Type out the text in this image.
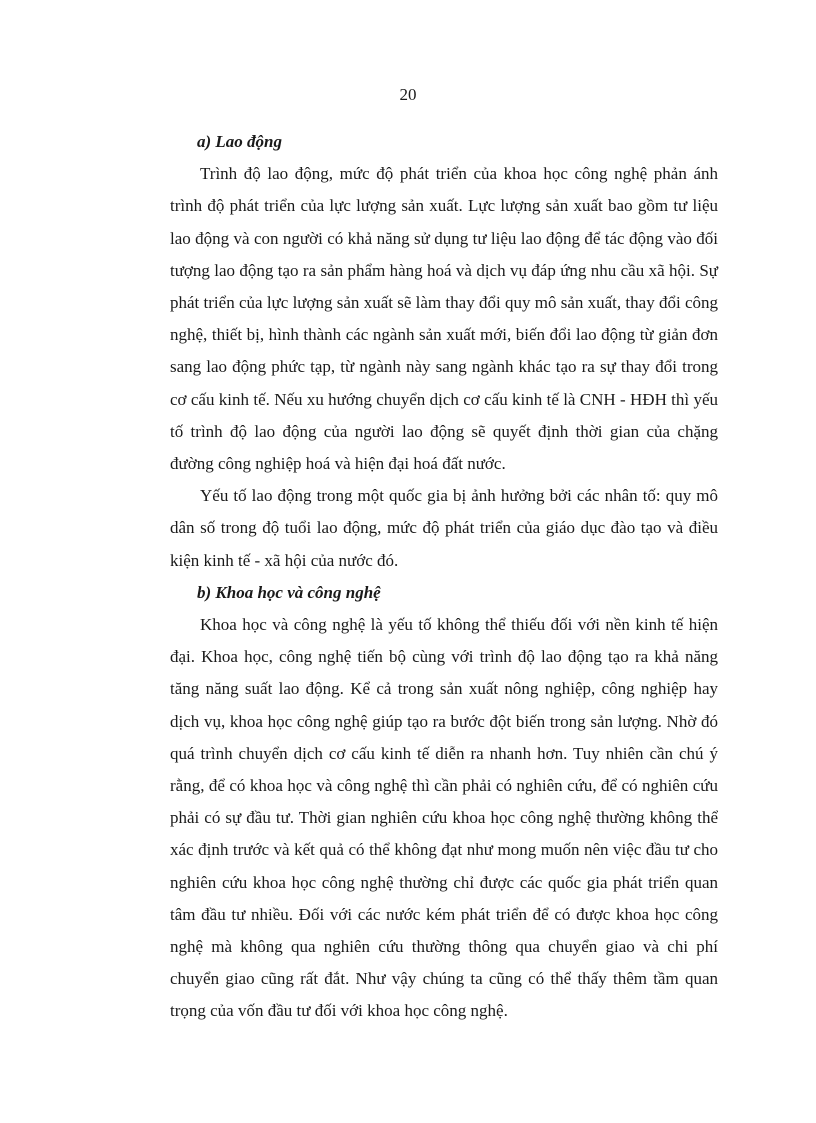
20

a) Lao động

Trình độ lao động, mức độ phát triển của khoa học công nghệ phản ánh trình độ phát triển của lực lượng sản xuất. Lực lượng sản xuất bao gồm tư liệu lao động và con người có khả năng sử dụng tư liệu lao động để tác động vào đối tượng lao động tạo ra sản phẩm hàng hoá và dịch vụ đáp ứng nhu cầu xã hội. Sự phát triển của lực lượng sản xuất sẽ làm thay đổi quy mô sản xuất, thay đổi công nghệ, thiết bị, hình thành các ngành sản xuất mới, biến đổi lao động từ giản đơn sang lao động phức tạp, từ ngành này sang ngành khác tạo ra sự thay đổi trong cơ cấu kinh tế. Nếu xu hướng chuyển dịch cơ cấu kinh tế là CNH - HĐH thì yếu tố trình độ lao động của người lao động sẽ quyết định thời gian của chặng đường công nghiệp hoá và hiện đại hoá đất nước.

Yếu tố lao động trong một quốc gia bị ảnh hưởng bởi các nhân tố: quy mô dân số trong độ tuổi lao động, mức độ phát triển của giáo dục đào tạo và điều kiện kinh tế - xã hội của nước đó.

b) Khoa học và công nghệ

Khoa học và công nghệ là yếu tố không thể thiếu đối với nền kinh tế hiện đại. Khoa học, công nghệ tiến bộ cùng với trình độ lao động tạo ra khả năng tăng năng suất lao động. Kể cả trong sản xuất nông nghiệp, công nghiệp hay dịch vụ, khoa học công nghệ giúp tạo ra bước đột biến trong sản lượng. Nhờ đó quá trình chuyển dịch cơ cấu kinh tế diễn ra nhanh hơn. Tuy nhiên cần chú ý rằng, để có khoa học và công nghệ thì cần phải có nghiên cứu, để có nghiên cứu phải có sự đầu tư. Thời gian nghiên cứu khoa học công nghệ thường không thể xác định trước và kết quả có thể không đạt như mong muốn nên việc đầu tư cho nghiên cứu khoa học công nghệ thường chỉ được các quốc gia phát triển quan tâm đầu tư nhiều. Đối với các nước kém phát triển để có được khoa học công nghệ mà không qua nghiên cứu thường thông qua chuyển giao và chi phí chuyển giao cũng rất đắt. Như vậy chúng ta cũng có thể thấy thêm tầm quan trọng của vốn đầu tư đối với khoa học công nghệ.
